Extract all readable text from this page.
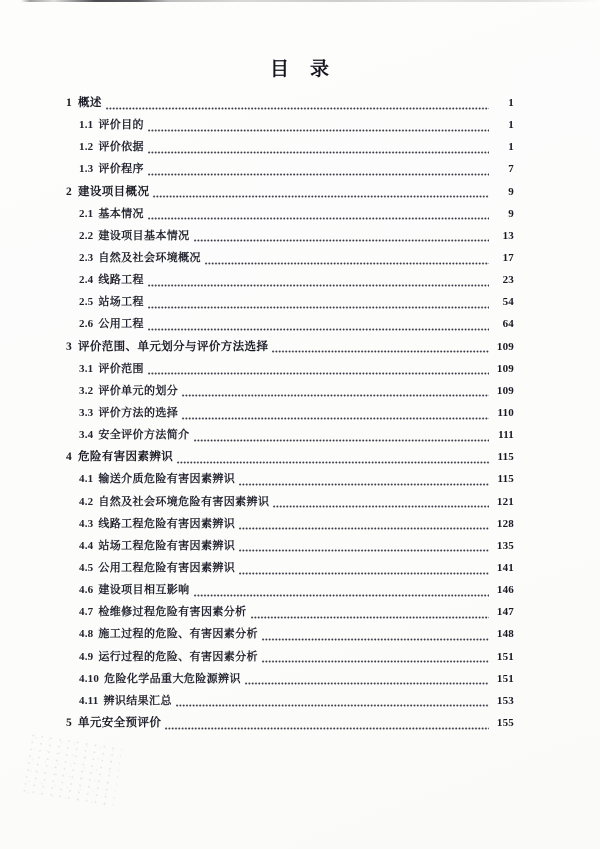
目　录
1 概述	1
1.1 评价目的	1
1.2 评价依据	1
1.3 评价程序	7
2 建设项目概况	9
2.1 基本情况	9
2.2 建设项目基本情况	13
2.3 自然及社会环境概况	17
2.4 线路工程	23
2.5 站场工程	54
2.6 公用工程	64
3 评价范围、单元划分与评价方法选择	109
3.1 评价范围	109
3.2 评价单元的划分	109
3.3 评价方法的选择	110
3.4 安全评价方法简介	111
4 危险有害因素辨识	115
4.1 输送介质危险有害因素辨识	115
4.2 自然及社会环境危险有害因素辨识	121
4.3 线路工程危险有害因素辨识	128
4.4 站场工程危险有害因素辨识	135
4.5 公用工程危险有害因素辨识	141
4.6 建设项目相互影响	146
4.7 检维修过程危险有害因素分析	147
4.8 施工过程的危险、有害因素分析	148
4.9 运行过程的危险、有害因素分析	151
4.10 危险化学品重大危险源辨识	151
4.11 辨识结果汇总	153
5 单元安全预评价	155
